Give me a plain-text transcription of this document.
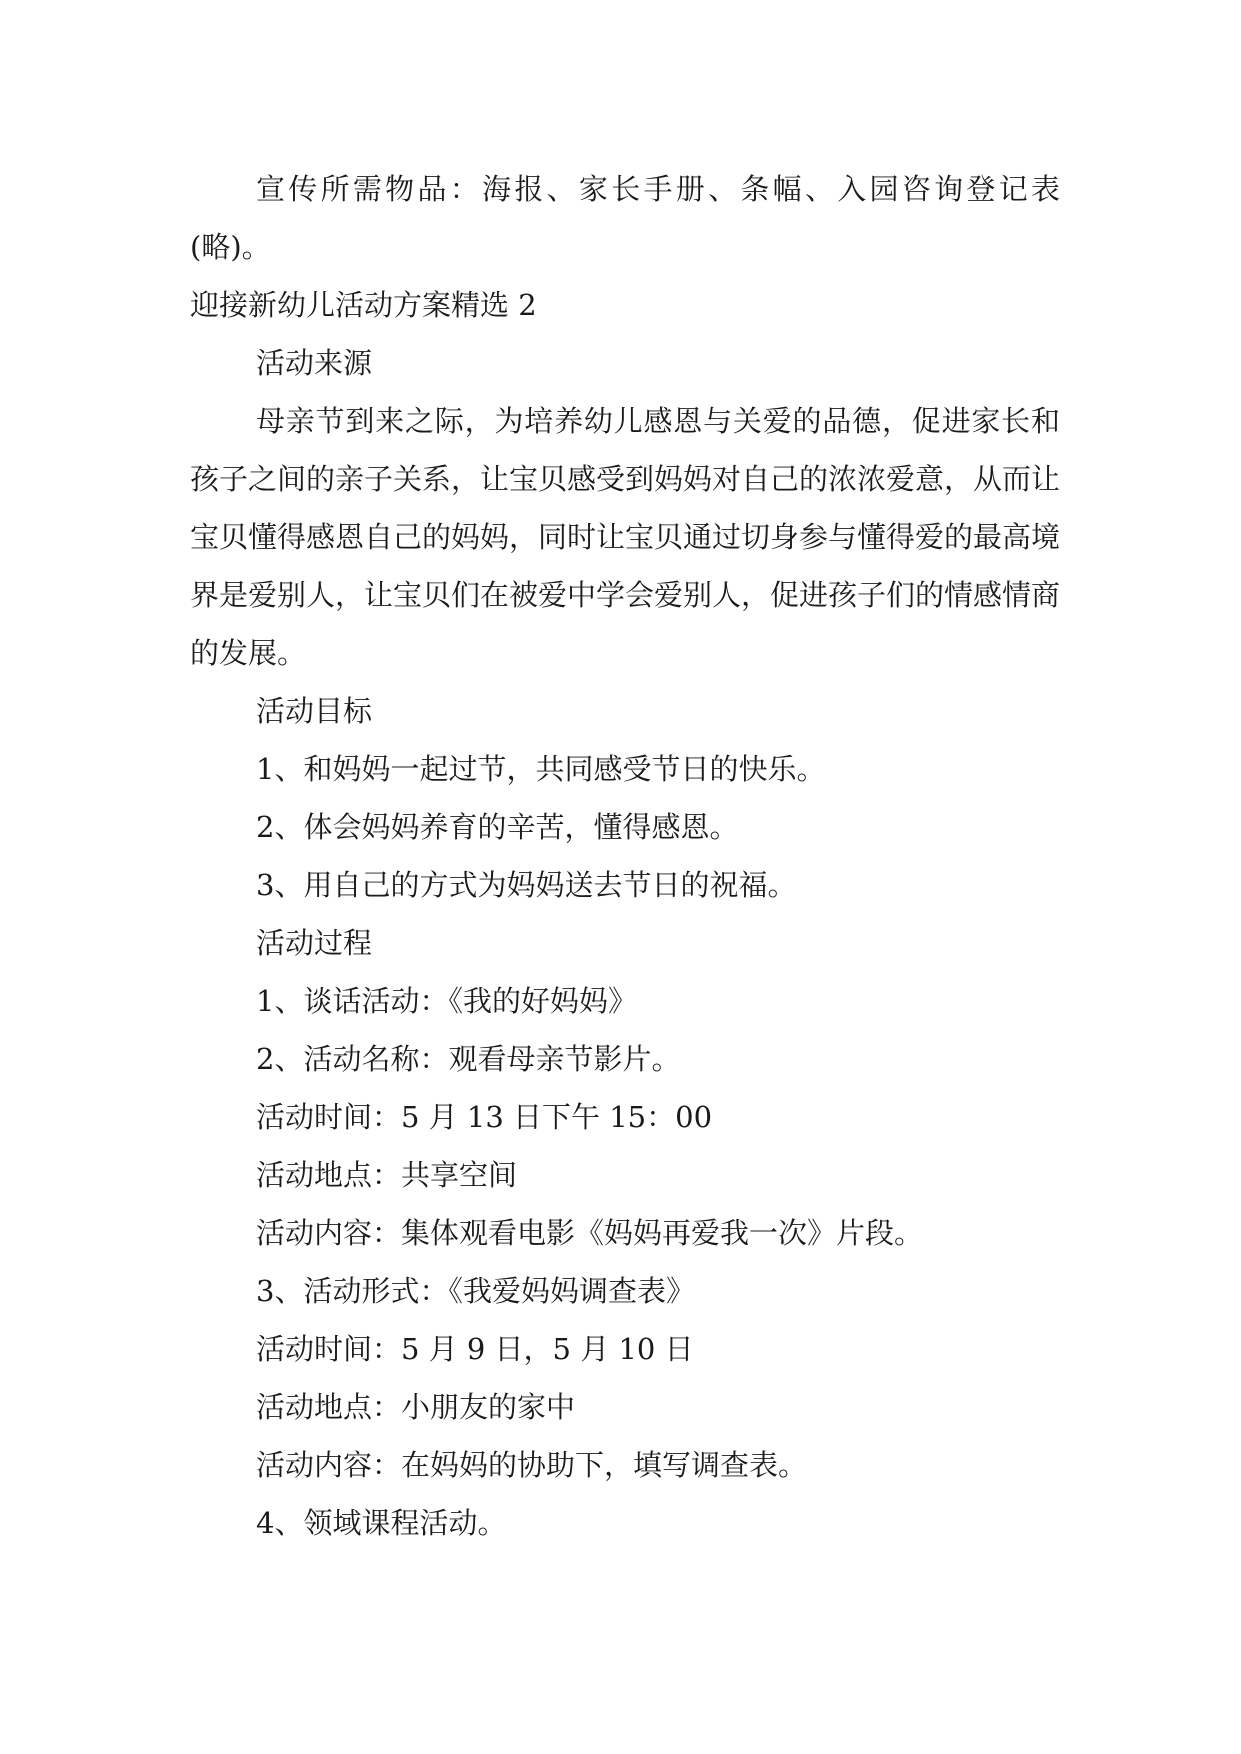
宣传所需物品：海报、家长手册、条幅、入园咨询登记表(略)。

迎接新幼儿活动方案精选 2

活动来源

母亲节到来之际，为培养幼儿感恩与关爱的品德，促进家长和孩子之间的亲子关系，让宝贝感受到妈妈对自己的浓浓爱意，从而让宝贝懂得感恩自己的妈妈，同时让宝贝通过切身参与懂得爱的最高境界是爱别人，让宝贝们在被爱中学会爱别人，促进孩子们的情感情商的发展。

活动目标

1、和妈妈一起过节，共同感受节日的快乐。

2、体会妈妈养育的辛苦，懂得感恩。

3、用自己的方式为妈妈送去节日的祝福。

活动过程

1、谈话活动：《我的好妈妈》

2、活动名称：观看母亲节影片。

活动时间：5 月 13 日下午 15：00

活动地点：共享空间

活动内容：集体观看电影《妈妈再爱我一次》片段。

3、活动形式：《我爱妈妈调查表》

活动时间：5 月 9 日，5 月 10 日

活动地点：小朋友的家中

活动内容：在妈妈的协助下，填写调查表。

4、领域课程活动。
